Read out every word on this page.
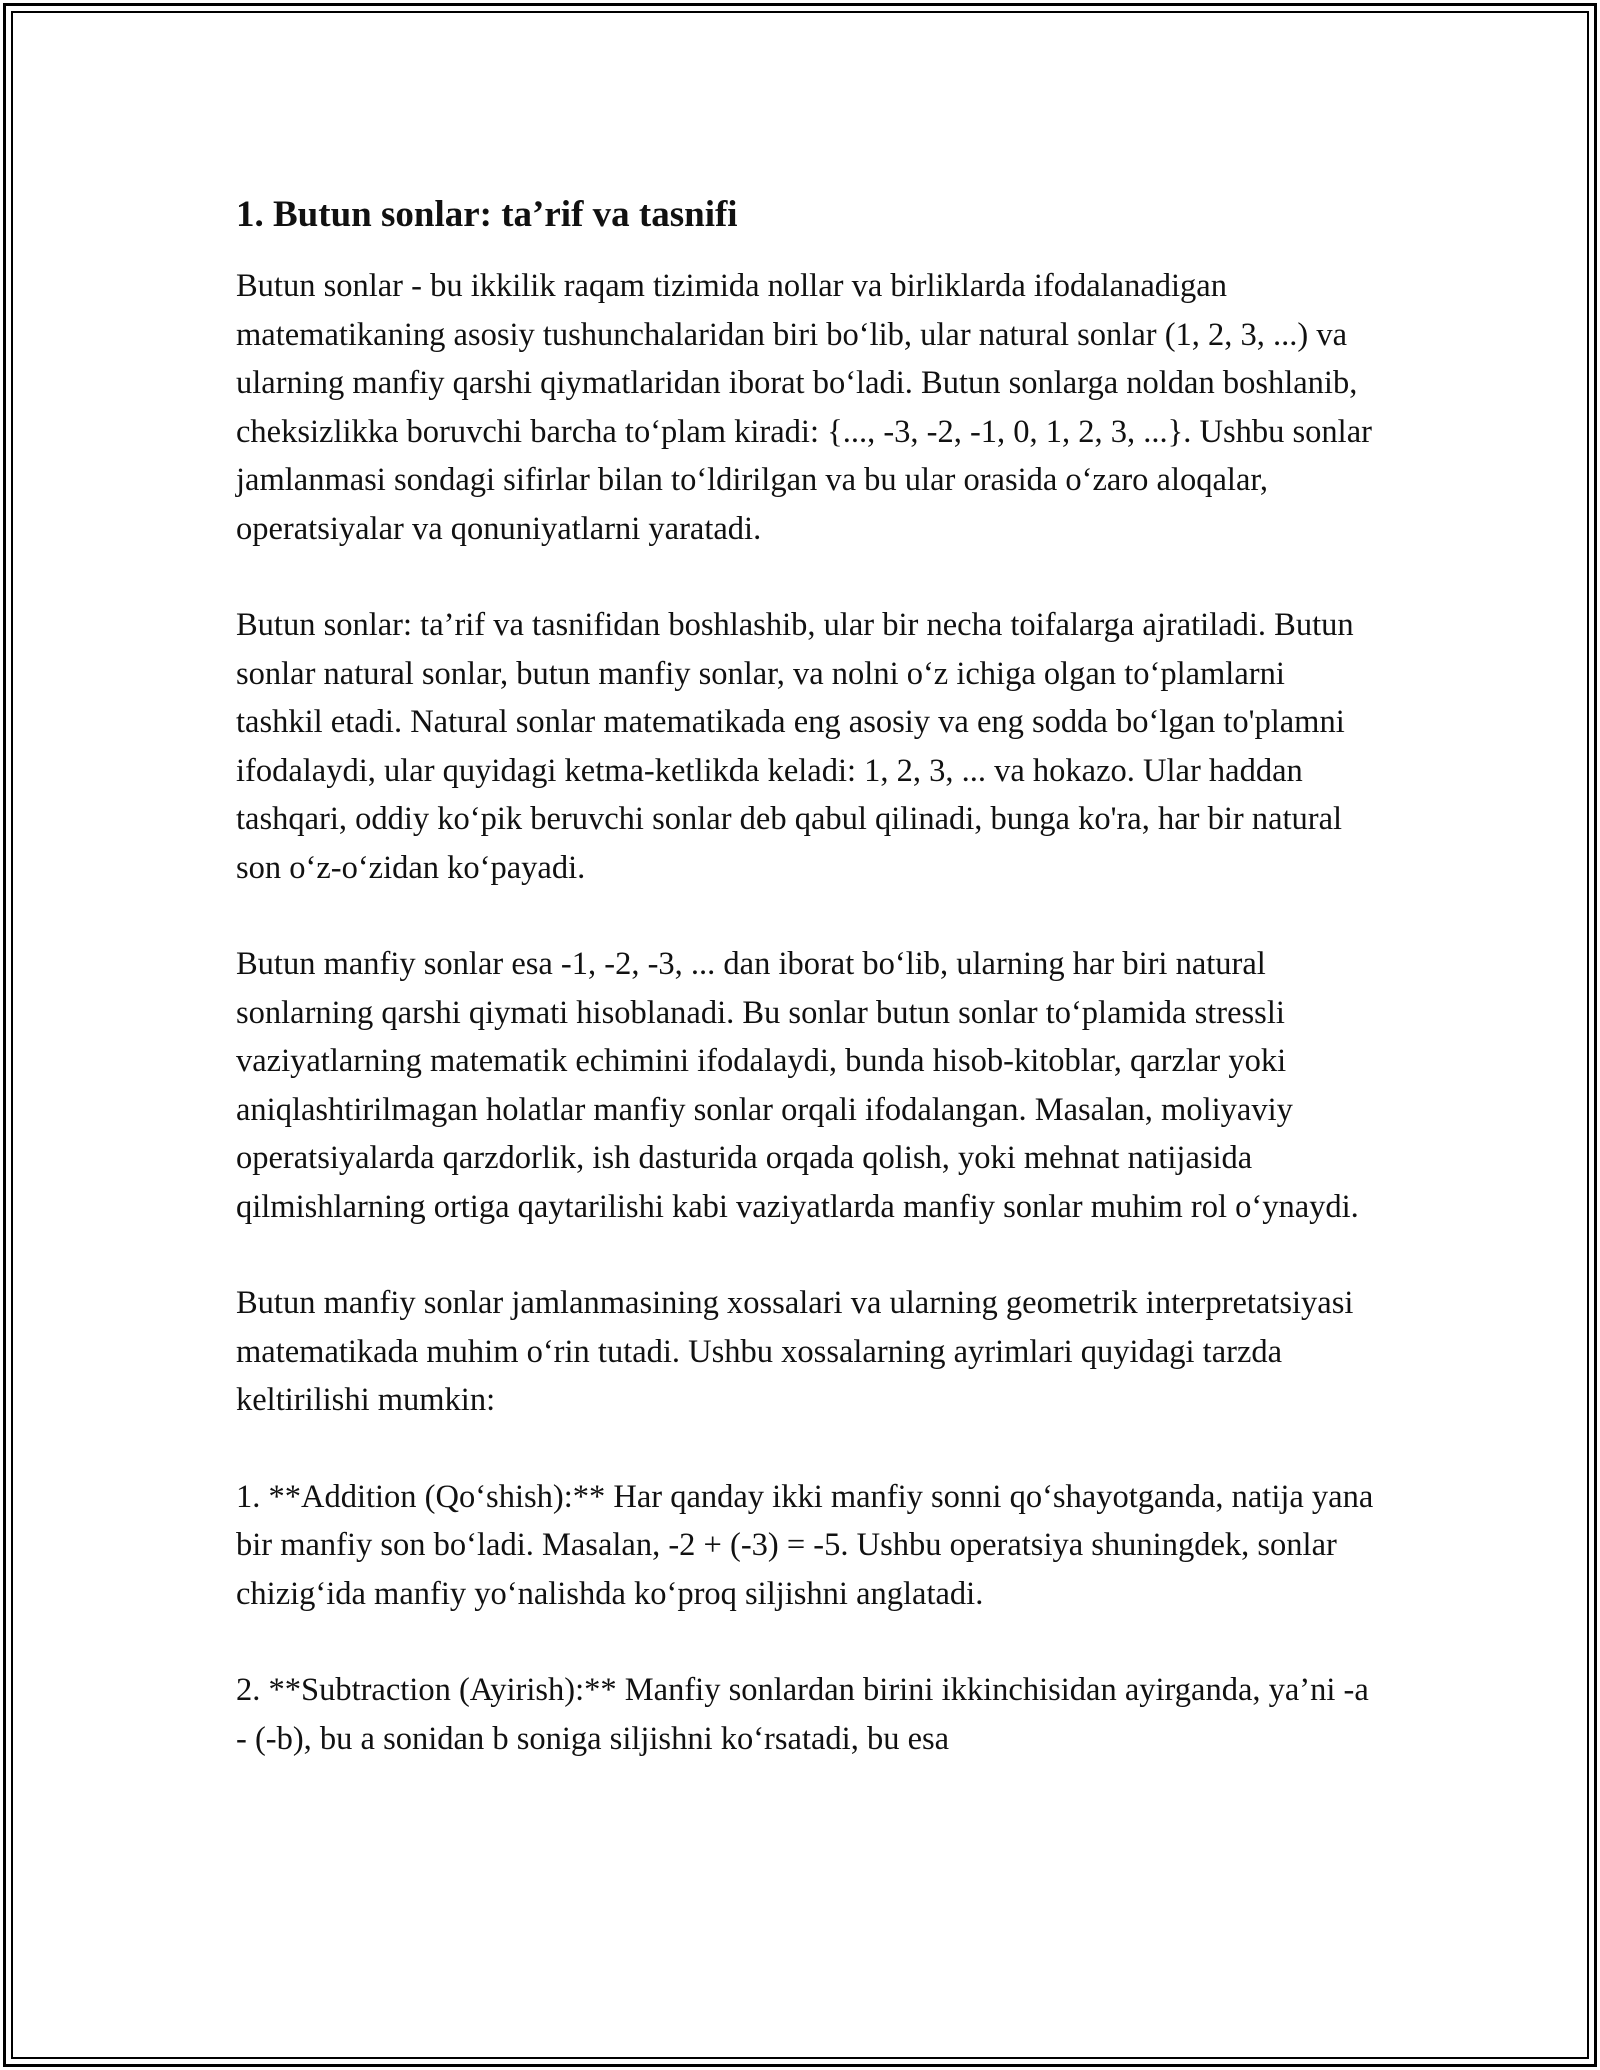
1. Butun sonlar: ta’rif va tasnifi

Butun sonlar - bu ikkilik raqam tizimida nollar va birliklarda ifodalanadigan matematikaning asosiy tushunchalaridan biri bo‘lib, ular natural sonlar (1, 2, 3, ...) va ularning manfiy qarshi qiymatlaridan iborat bo‘ladi. Butun sonlarga noldan boshlanib, cheksizlikka boruvchi barcha to‘plam kiradi: {..., -3, -2, -1, 0, 1, 2, 3, ...}. Ushbu sonlar jamlanmasi sondagi sifirlar bilan to‘ldirilgan va bu ular orasida o‘zaro aloqalar, operatsiyalar va qonuniyatlarni yaratadi.

Butun sonlar: ta’rif va tasnifidan boshlashib, ular bir necha toifalarga ajratiladi. Butun sonlar natural sonlar, butun manfiy sonlar, va nolni o‘z ichiga olgan to‘plamlarni tashkil etadi. Natural sonlar matematikada eng asosiy va eng sodda bo‘lgan to'plamni ifodalaydi, ular quyidagi ketma-ketlikda keladi: 1, 2, 3, ... va hokazo. Ular haddan tashqari, oddiy ko‘pik beruvchi sonlar deb qabul qilinadi, bunga ko'ra, har bir natural son o‘z-o‘zidan ko‘payadi.

Butun manfiy sonlar esa -1, -2, -3, ... dan iborat bo‘lib, ularning har biri natural sonlarning qarshi qiymati hisoblanadi. Bu sonlar butun sonlar to‘plamida stressli vaziyatlarning matematik echimini ifodalaydi, bunda hisob-kitoblar, qarzlar yoki aniqlashtirilmagan holatlar manfiy sonlar orqali ifodalangan. Masalan, moliyaviy operatsiyalarda qarzdorlik, ish dasturida orqada qolish, yoki mehnat natijasida qilmishlarning ortiga qaytarilishi kabi vaziyatlarda manfiy sonlar muhim rol o‘ynaydi.

Butun manfiy sonlar jamlanmasining xossalari va ularning geometrik interpretatsiyasi matematikada muhim o‘rin tutadi. Ushbu xossalarning ayrimlari quyidagi tarzda keltirilishi mumkin:

1. **Addition (Qo‘shish):** Har qanday ikki manfiy sonni qo‘shayotganda, natija yana bir manfiy son bo‘ladi. Masalan, -2 + (-3) = -5. Ushbu operatsiya shuningdek, sonlar chizig‘ida manfiy yo‘nalishda ko‘proq siljishni anglatadi.

2. **Subtraction (Ayirish):** Manfiy sonlardan birini ikkinchisidan ayirganda, ya’ni -a - (-b), bu a sonidan b soniga siljishni ko‘rsatadi, bu esa
